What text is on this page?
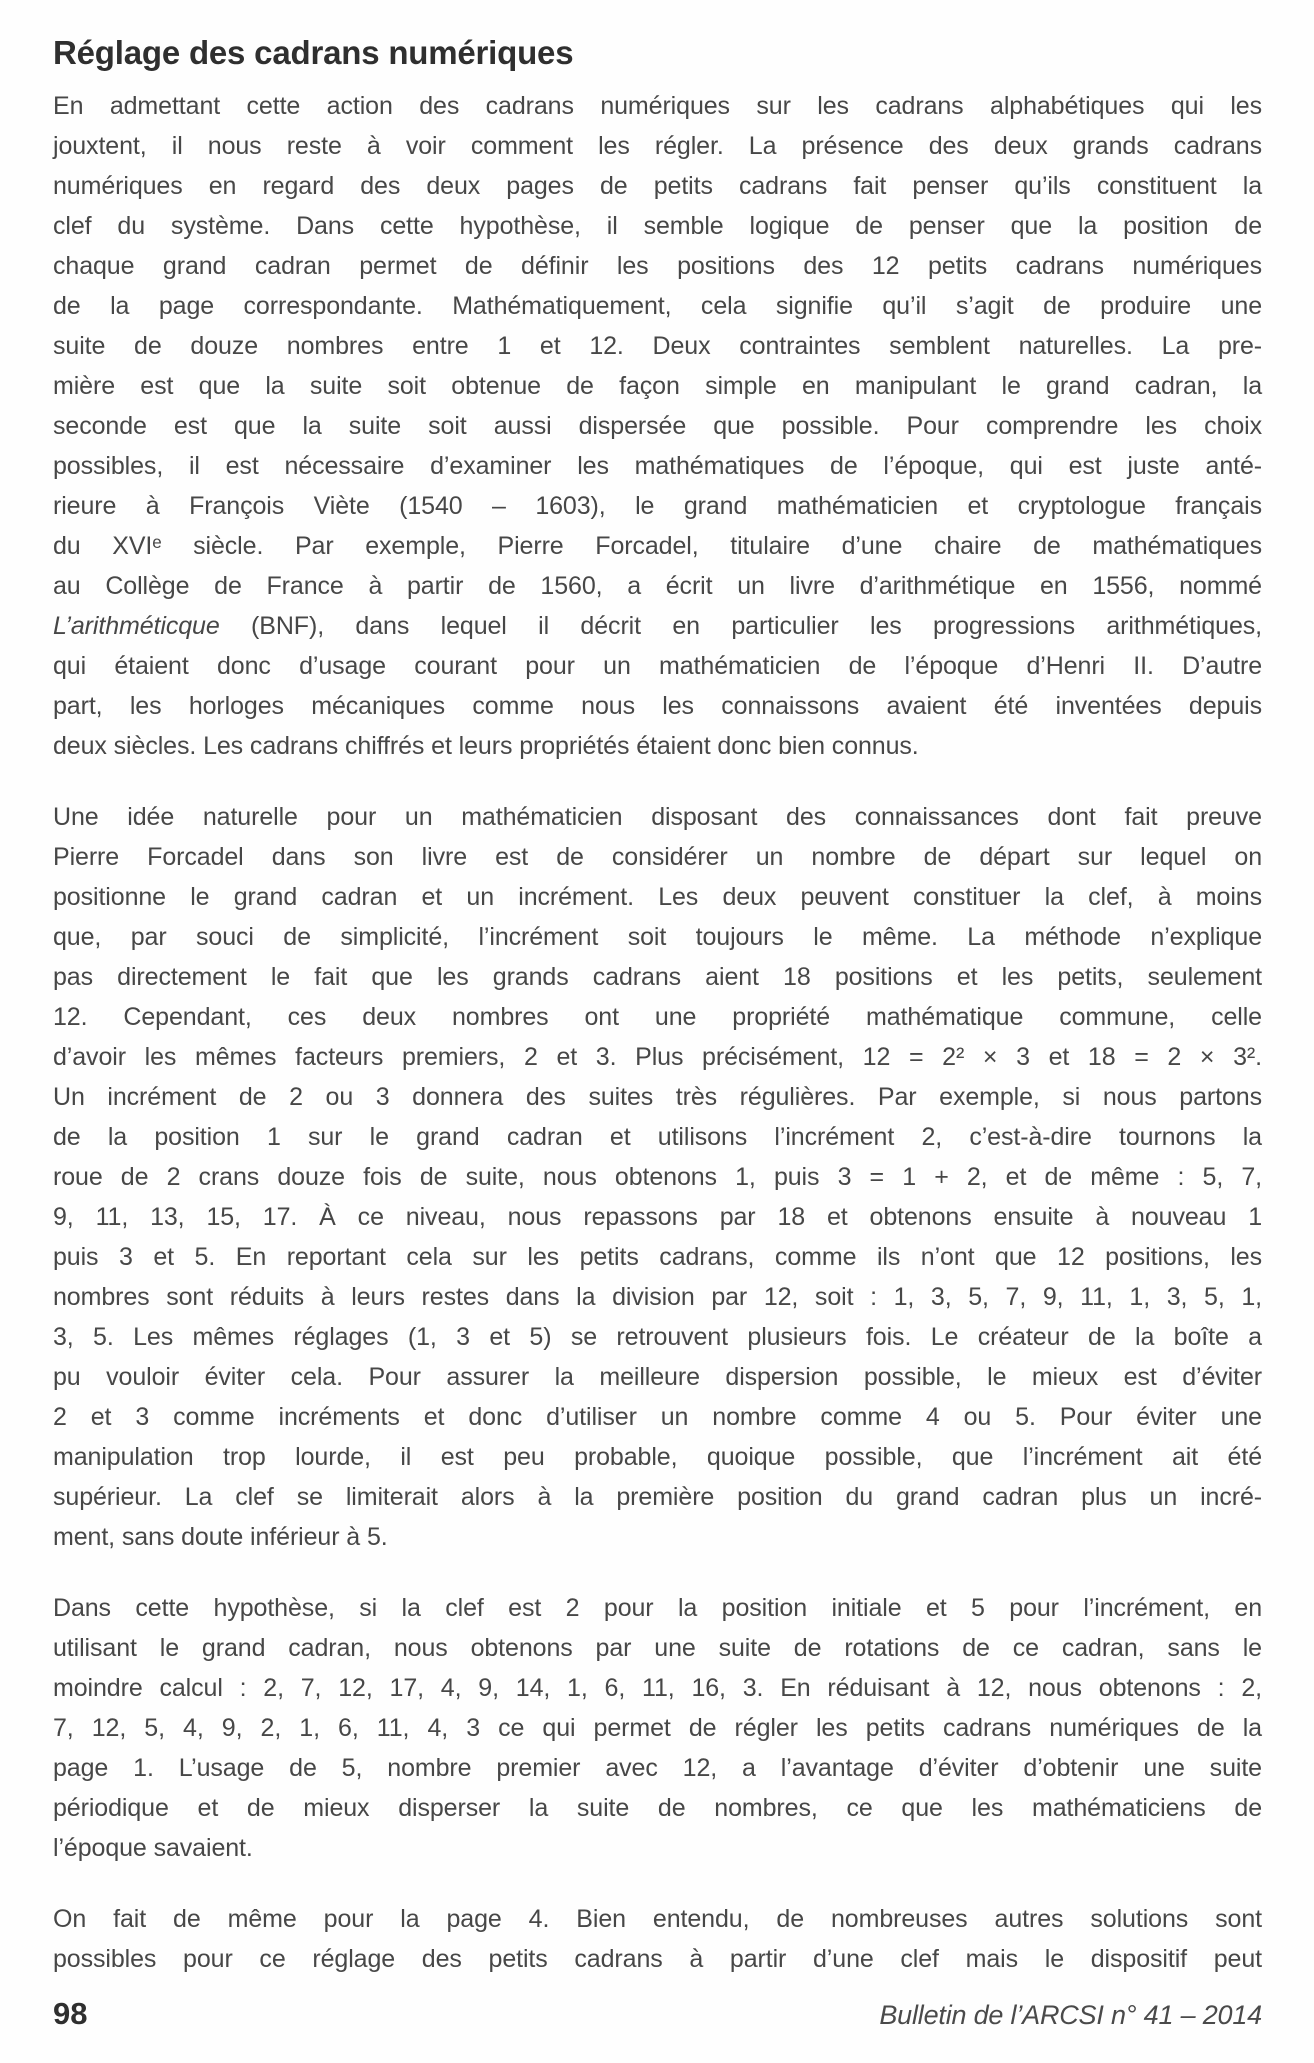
Réglage des cadrans numériques
En admettant cette action des cadrans numériques sur les cadrans alphabétiques qui les
jouxtent, il nous reste à voir comment les régler. La présence des deux grands cadrans
numériques en regard des deux pages de petits cadrans fait penser qu’ils constituent la
clef du système. Dans cette hypothèse, il semble logique de penser que la position de
chaque grand cadran permet de définir les positions des 12 petits cadrans numériques
de la page correspondante. Mathématiquement, cela signifie qu’il s’agit de produire une
suite de douze nombres entre 1 et 12. Deux contraintes semblent naturelles. La pre-
mière est que la suite soit obtenue de façon simple en manipulant le grand cadran, la
seconde est que la suite soit aussi dispersée que possible. Pour comprendre les choix
possibles, il est nécessaire d’examiner les mathématiques de l’époque, qui est juste anté-
rieure à François Viète (1540 – 1603), le grand mathématicien et cryptologue français
du XVIᵉ siècle. Par exemple, Pierre Forcadel, titulaire d’une chaire de mathématiques
au Collège de France à partir de 1560, a écrit un livre d’arithmétique en 1556, nommé
L’arithméticque (BNF), dans lequel il décrit en particulier les progressions arithmétiques,
qui étaient donc d’usage courant pour un mathématicien de l’époque d’Henri II. D’autre
part, les horloges mécaniques comme nous les connaissons avaient été inventées depuis
deux siècles. Les cadrans chiffrés et leurs propriétés étaient donc bien connus.
Une idée naturelle pour un mathématicien disposant des connaissances dont fait preuve
Pierre Forcadel dans son livre est de considérer un nombre de départ sur lequel on
positionne le grand cadran et un incrément. Les deux peuvent constituer la clef, à moins
que, par souci de simplicité, l’incrément soit toujours le même. La méthode n’explique
pas directement le fait que les grands cadrans aient 18 positions et les petits, seulement
12. Cependant, ces deux nombres ont une propriété mathématique commune, celle
d’avoir les mêmes facteurs premiers, 2 et 3. Plus précisément, 12 = 2² × 3 et 18 = 2 × 3².
Un incrément de 2 ou 3 donnera des suites très régulières. Par exemple, si nous partons
de la position 1 sur le grand cadran et utilisons l’incrément 2, c’est-à-dire tournons la
roue de 2 crans douze fois de suite, nous obtenons 1, puis 3 = 1 + 2, et de même : 5, 7,
9, 11, 13, 15, 17. À ce niveau, nous repassons par 18 et obtenons ensuite à nouveau 1
puis 3 et 5. En reportant cela sur les petits cadrans, comme ils n’ont que 12 positions, les
nombres sont réduits à leurs restes dans la division par 12, soit : 1, 3, 5, 7, 9, 11, 1, 3, 5, 1,
3, 5. Les mêmes réglages (1, 3 et 5) se retrouvent plusieurs fois. Le créateur de la boîte a
pu vouloir éviter cela. Pour assurer la meilleure dispersion possible, le mieux est d’éviter
2 et 3 comme incréments et donc d’utiliser un nombre comme 4 ou 5. Pour éviter une
manipulation trop lourde, il est peu probable, quoique possible, que l’incrément ait été
supérieur. La clef se limiterait alors à la première position du grand cadran plus un incré-
ment, sans doute inférieur à 5.
Dans cette hypothèse, si la clef est 2 pour la position initiale et 5 pour l’incrément, en
utilisant le grand cadran, nous obtenons par une suite de rotations de ce cadran, sans le
moindre calcul : 2, 7, 12, 17, 4, 9, 14, 1, 6, 11, 16, 3. En réduisant à 12, nous obtenons : 2,
7, 12, 5, 4, 9, 2, 1, 6, 11, 4, 3 ce qui permet de régler les petits cadrans numériques de la
page 1. L’usage de 5, nombre premier avec 12, a l’avantage d’éviter d’obtenir une suite
périodique et de mieux disperser la suite de nombres, ce que les mathématiciens de
l’époque savaient.
On fait de même pour la page 4. Bien entendu, de nombreuses autres solutions sont
possibles pour ce réglage des petits cadrans à partir d’une clef mais le dispositif peut
98	Bulletin de l’ARCSI n° 41 – 2014
